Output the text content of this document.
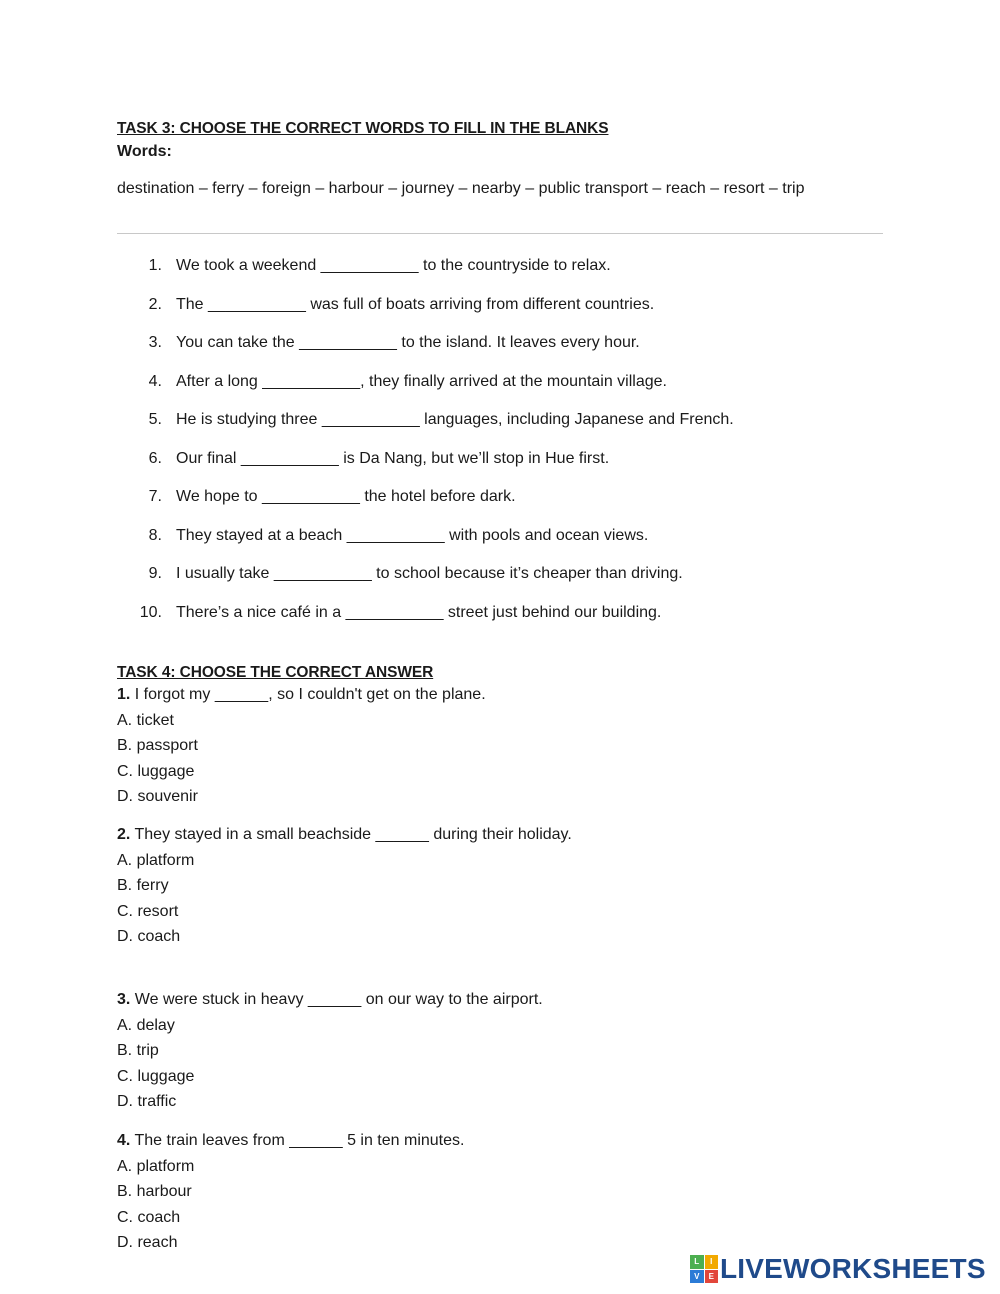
TASK 3: CHOOSE THE CORRECT WORDS TO FILL IN THE BLANKS
Words:
destination – ferry – foreign – harbour – journey – nearby – public transport – reach – resort – trip
1. We took a weekend ___________ to the countryside to relax.
2. The ___________ was full of boats arriving from different countries.
3. You can take the ___________ to the island. It leaves every hour.
4. After a long ___________, they finally arrived at the mountain village.
5. He is studying three ___________ languages, including Japanese and French.
6. Our final ___________ is Da Nang, but we’ll stop in Hue first.
7. We hope to ___________ the hotel before dark.
8. They stayed at a beach ___________ with pools and ocean views.
9. I usually take ___________ to school because it’s cheaper than driving.
10. There’s a nice café in a ___________ street just behind our building.
TASK 4: CHOOSE THE CORRECT ANSWER
1. I forgot my ______, so I couldn't get on the plane.
A. ticket
B. passport
C. luggage
D. souvenir
2. They stayed in a small beachside ______ during their holiday.
A. platform
B. ferry
C. resort
D. coach
3. We were stuck in heavy ______ on our way to the airport.
A. delay
B. trip
C. luggage
D. traffic
4. The train leaves from ______ 5 in ten minutes.
A. platform
B. harbour
C. coach
D. reach
L	I
V	E LIVEWORKSHEETS
